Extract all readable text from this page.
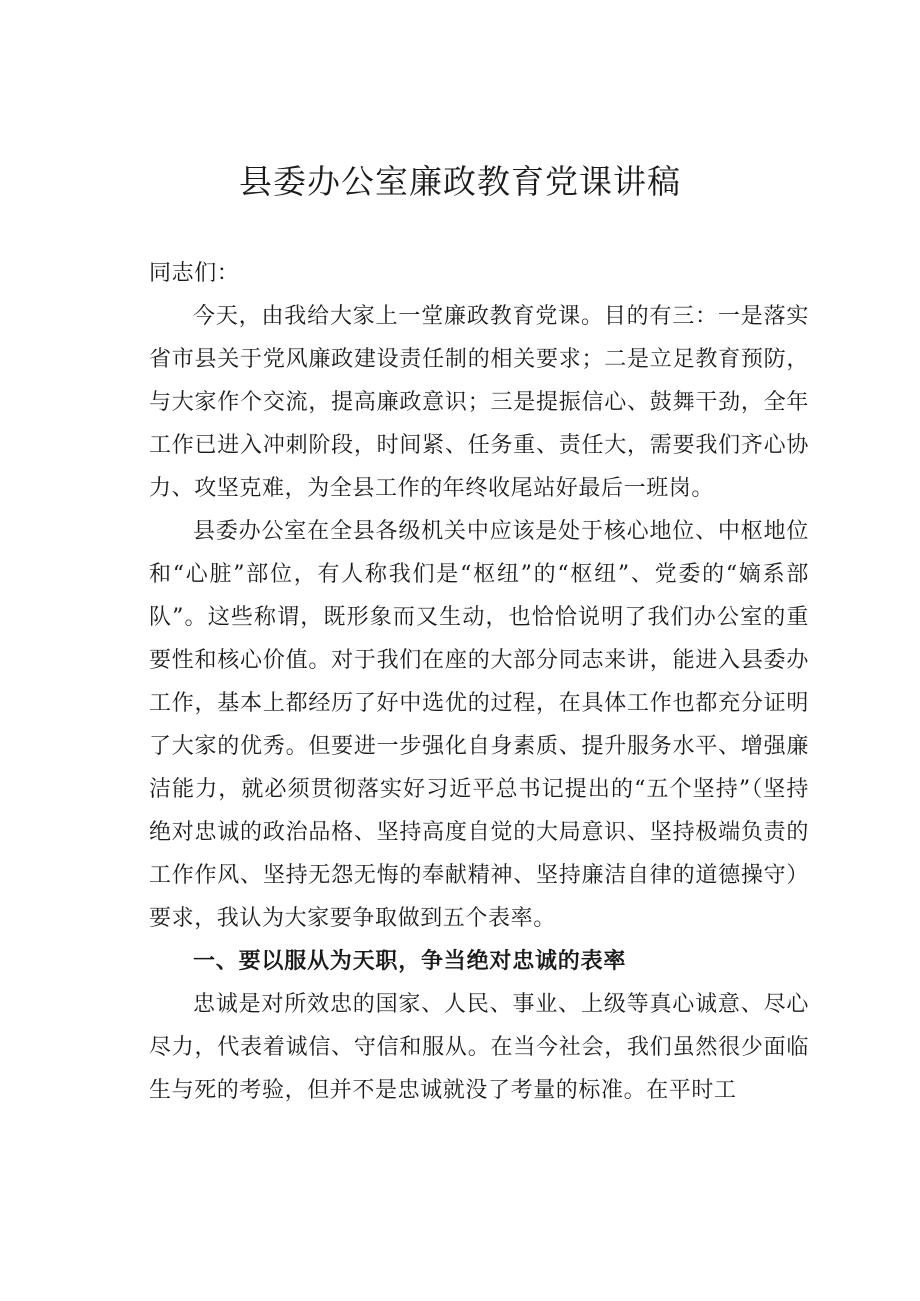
县委办公室廉政教育党课讲稿

同志们：

今天，由我给大家上一堂廉政教育党课。目的有三：一是落实省市县关于党风廉政建设责任制的相关要求；二是立足教育预防，与大家作个交流，提高廉政意识；三是提振信心、鼓舞干劲，全年工作已进入冲刺阶段，时间紧、任务重、责任大，需要我们齐心协力、攻坚克难，为全县工作的年终收尾站好最后一班岗。

县委办公室在全县各级机关中应该是处于核心地位、中枢地位和“心脏”部位，有人称我们是“枢纽”的“枢纽”、党委的“嫡系部队”。这些称谓，既形象而又生动，也恰恰说明了我们办公室的重要性和核心价值。对于我们在座的大部分同志来讲，能进入县委办工作，基本上都经历了好中选优的过程，在具体工作也都充分证明了大家的优秀。但要进一步强化自身素质、提升服务水平、增强廉洁能力，就必须贯彻落实好习近平总书记提出的“五个坚持”（坚持绝对忠诚的政治品格、坚持高度自觉的大局意识、坚持极端负责的工作作风、坚持无怨无悔的奉献精神、坚持廉洁自律的道德操守）要求，我认为大家要争取做到五个表率。

一、要以服从为天职，争当绝对忠诚的表率

忠诚是对所效忠的国家、人民、事业、上级等真心诚意、尽心尽力，代表着诚信、守信和服从。在当今社会，我们虽然很少面临生与死的考验，但并不是忠诚就没了考量的标准。在平时工
